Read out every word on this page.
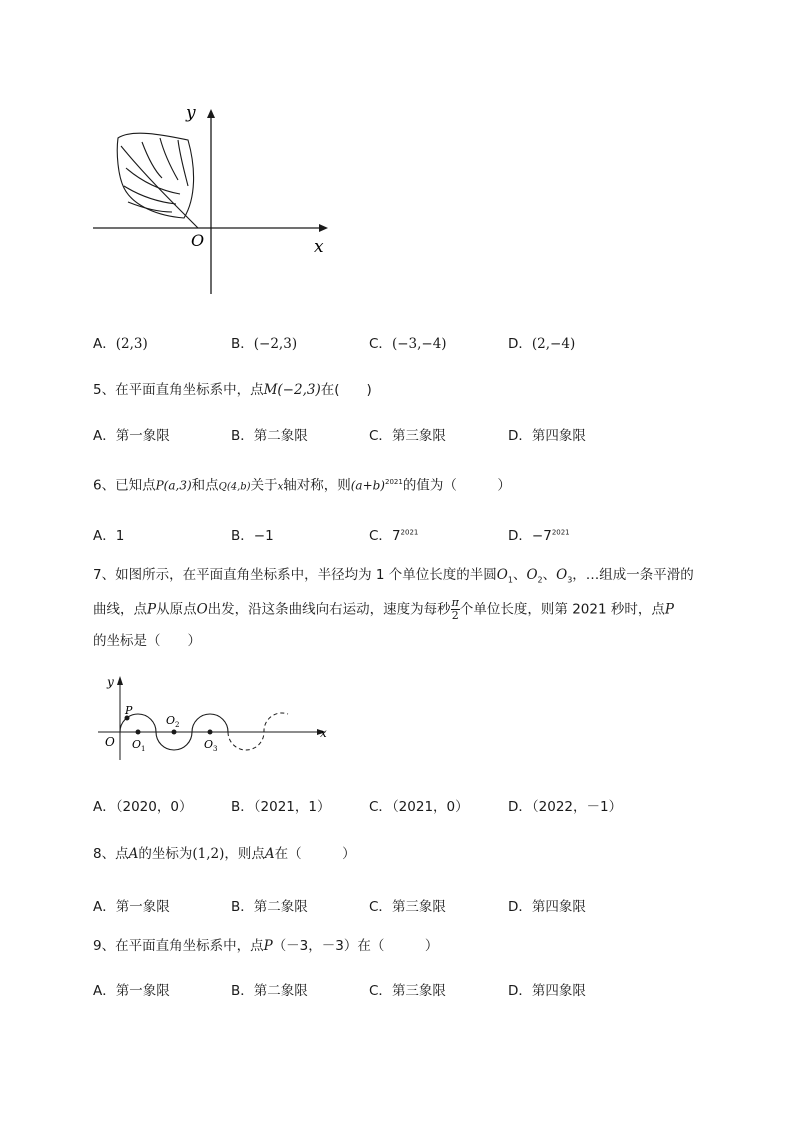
y
x
O
A．(2,3)	B．(−2,3)	C．(−3,−4)	D．(2,−4)
5、在平面直角坐标系中，点M(−2,3)在(　　)
A．第一象限	B．第二象限	C．第三象限	D．第四象限
6、已知点P(a,3)和点Q(4,b)关于x轴对称，则$(a+b)^{2021}$的值为（　　　）
A．1	B．−1	C．$7^{2021}$	D．$-7^{2021}$
7、如图所示，在平面直角坐标系中，半径均为 1 个单位长度的半圆$O_1$、$O_2$、$O_3$，…组成一条平滑的
曲线，点P从原点O出发，沿这条曲线向右运动，速度为每秒 $\frac{\pi}{2}$ 个单位长度，则第 2021 秒时，点P
的坐标是（　　）
y
x
O
P
$O_1$
$O_2$
$O_3$
A．（2020，0）	B．（2021，1）	C．（2021，0）	D．（2022，－1）
8、点A的坐标为(1,2)，则点A在（　　　）
A．第一象限	B．第二象限	C．第三象限	D．第四象限
9、在平面直角坐标系中，点P（－3，－3）在（　　　）
A．第一象限	B．第二象限	C．第三象限	D．第四象限
